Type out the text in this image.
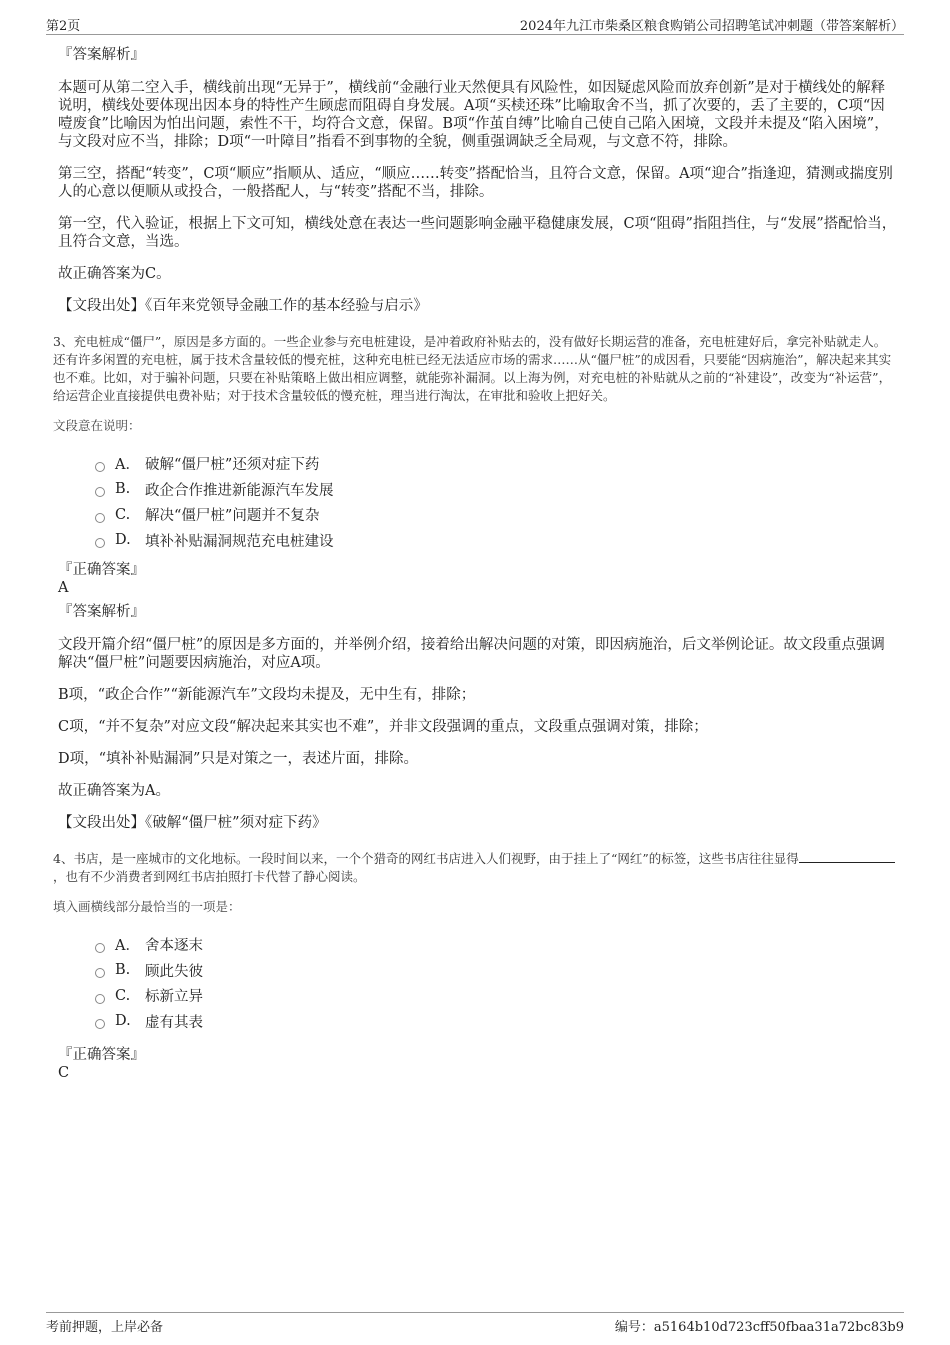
第2页	2024年九江市柴桑区粮食购销公司招聘笔试冲刺题（带答案解析）
『答案解析』

本题可从第二空入手，横线前出现“无异于”，横线前“金融行业天然便具有风险性，如因疑虑风险而放弃创新”是对于横线处的解释说明，横线处要体现出因本身的特性产生顾虑而阻碍自身发展。A项“买椟还珠”比喻取舍不当，抓了次要的，丢了主要的，C项“因噎废食”比喻因为怕出问题，索性不干，均符合文意，保留。B项“作茧自缚”比喻自己使自己陷入困境，文段并未提及“陷入困境”，与文段对应不当，排除；D项“一叶障目”指看不到事物的全貌，侧重强调缺乏全局观，与文意不符，排除。

第三空，搭配“转变”，C项“顺应”指顺从、适应，“顺应……转变”搭配恰当，且符合文意，保留。A项“迎合”指逢迎，猜测或揣度别人的心意以便顺从或投合，一般搭配人，与“转变”搭配不当，排除。

第一空，代入验证，根据上下文可知，横线处意在表达一些问题影响金融平稳健康发展，C项“阻碍”指阻挡住，与“发展”搭配恰当，且符合文意，当选。

故正确答案为C。

【文段出处】《百年来党领导金融工作的基本经验与启示》

3、充电桩成“僵尸”，原因是多方面的。一些企业参与充电桩建设，是冲着政府补贴去的，没有做好长期运营的准备，充电桩建好后，拿完补贴就走人。还有许多闲置的充电桩，属于技术含量较低的慢充桩，这种充电桩已经无法适应市场的需求……从“僵尸桩”的成因看，只要能“因病施治”，解决起来其实也不难。比如，对于骗补问题，只要在补贴策略上做出相应调整，就能弥补漏洞。以上海为例，对充电桩的补贴就从之前的“补建设”，改变为“补运营”，给运营企业直接提供电费补贴；对于技术含量较低的慢充桩，理当进行淘汰，在审批和验收上把好关。
文段意在说明：
A． 破解“僵尸桩”还须对症下药
B.	政企合作推进新能源汽车发展
C.	解决“僵尸桩”问题并不复杂
D. 填补补贴漏洞规范充电桩建设
『正确答案』
A
『答案解析』

文段开篇介绍“僵尸桩”的原因是多方面的，并举例介绍，接着给出解决问题的对策，即因病施治，后文举例论证。故文段重点强调解决“僵尸桩”问题要因病施治，对应A项。

B项，“政企合作”“新能源汽车”文段均未提及，无中生有，排除；

C项，“并不复杂”对应文段“解决起来其实也不难”，并非文段强调的重点，文段重点强调对策，排除；

D项，“填补补贴漏洞”只是对策之一，表述片面，排除。

故正确答案为A。

【文段出处】《破解“僵尸桩”须对症下药》

4、书店，是一座城市的文化地标。一段时间以来，一个个猎奇的网红书店进入人们视野，由于挂上了“网红”的标签，这些书店往往显得，也有不少消费者到网红书店拍照打卡代替了静心阅读。
填入画横线部分最恰当的一项是：
A． 舍本逐末
B.	顾此失彼
C.	标新立异
D. 虚有其表
『正确答案』
C
考前押题，上岸必备	编号：a5164b10d723cff50fbaa31a72bc83b9
